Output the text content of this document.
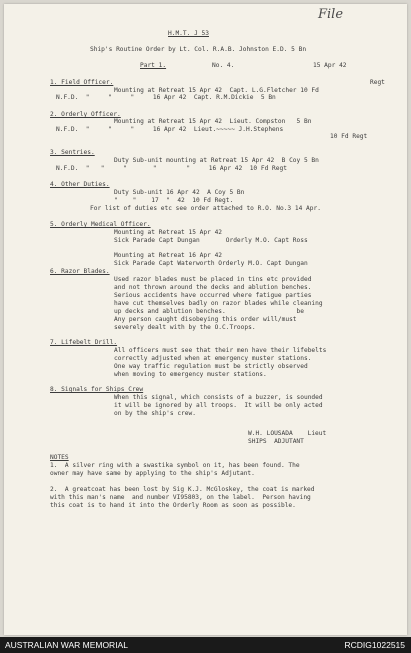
File
H.M.T. J 53
Ship's Routine Order by Lt. Col. R.A.B. Johnston E.D. 5 Bn
Part 1.	No. 4.	15 Apr 42
1. Field Officer.	Regt
Mounting at Retreat 15 Apr 42  Capt. L.G.Fletcher 10 Fd
N.F.D.  "     "     "     16 Apr 42  Capt. R.M.Dickie  5 Bn
2. Orderly Officer.
Mounting at Retreat 15 Apr 42  Lieut. Compston   5 Bn
N.F.D.  "     "     "     16 Apr 42  Lieut.~~~~~ J.H.Stephens
10 Fd Regt
3. Sentries.
Duty Sub-unit mounting at Retreat 15 Apr 42  B Coy 5 Bn
N.F.D.  "   "     "       "        "     16 Apr 42  10 Fd Regt
4. Other Duties.
Duty Sub-unit 16 Apr 42  A Coy 5 Bn
"    "    17  "  42  10 Fd Regt.
For list of duties etc see order attached to R.O. No.3 14 Apr.
5. Orderly Medical Officer.
Mounting at Retreat 15 Apr 42
Sick Parade Capt Dungan       Orderly M.O. Capt Ross
Mounting at Retreat 16 Apr 42
Sick Parade Capt Waterworth Orderly M.O. Capt Dungan
6. Razor Blades.
Used razor blades must be placed in tins etc provided
and not thrown around the decks and ablution benches.
Serious accidents have occurred where fatigue parties
have cut themselves badly on razor blades while cleaning
up decks and ablution benches.                   be
Any person caught disobeying this order will/must
severely dealt with by the O.C.Troops.
7. Lifebelt Drill.
All officers must see that their men have their lifebelts
correctly adjusted when at emergency muster stations.
One way traffic regulation must be strictly observed
when moving to emergency muster stations.
8. Signals for Ships Crew
When this signal, which consists of a buzzer, is sounded
it will be ignored by all troops.  It will be only acted
on by the ship's crew.
W.H. LOUSADA    Lieut
SHIPS  ADJUTANT
NOTES
1.  A silver ring with a swastika symbol on it, has been found. The
owner may have same by applying to the ship's Adjutant.
2.  A greatcoat has been lost by Sig K.J. McGloskey, the coat is marked
with this man's name  and number VI95803, on the label.  Person having
this coat is to hand it into the Orderly Room as soon as possible.
AUSTRALIAN WAR MEMORIAL	RCDIG1022515
